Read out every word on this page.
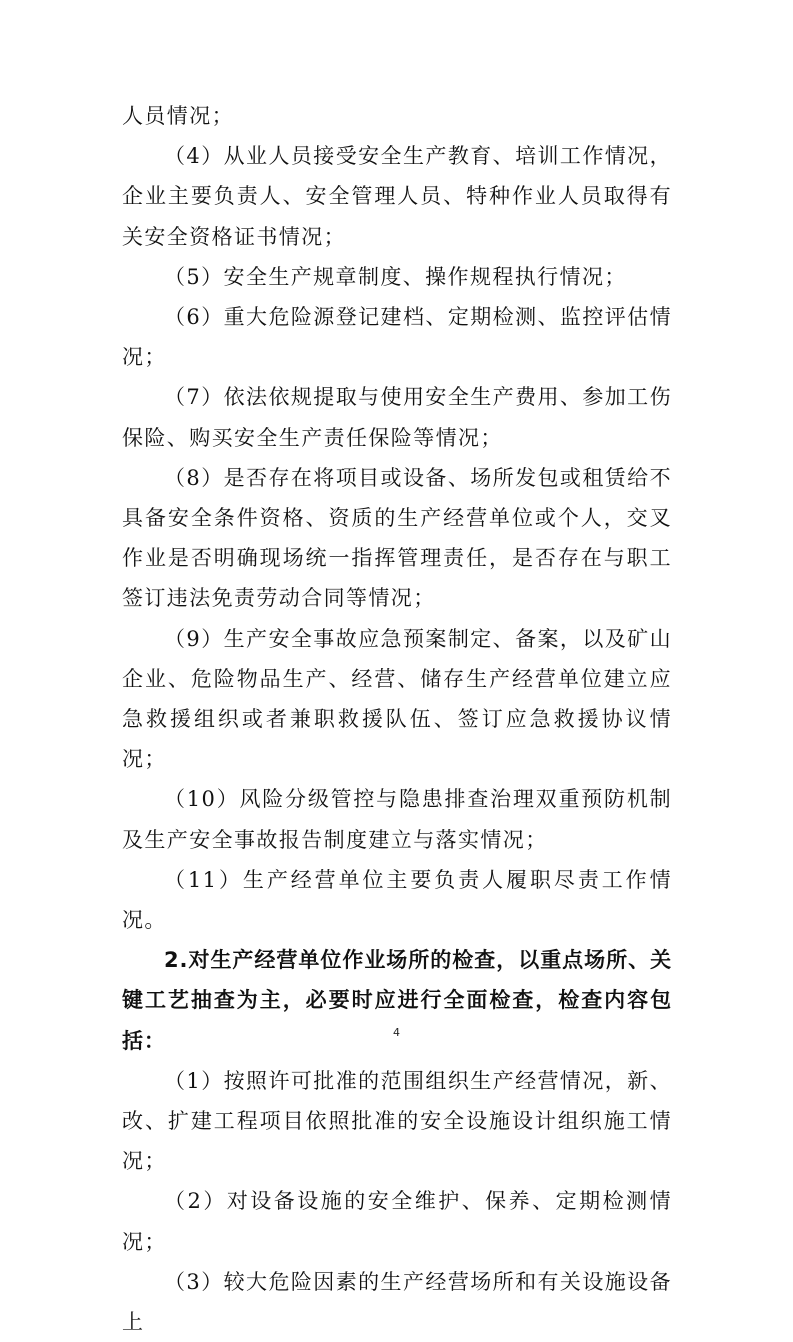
人员情况；

（4）从业人员接受安全生产教育、培训工作情况，企业主要负责人、安全管理人员、特种作业人员取得有关安全资格证书情况；

（5）安全生产规章制度、操作规程执行情况；

（6）重大危险源登记建档、定期检测、监控评估情况；

（7）依法依规提取与使用安全生产费用、参加工伤保险、购买安全生产责任保险等情况；

（8）是否存在将项目或设备、场所发包或租赁给不具备安全条件资格、资质的生产经营单位或个人，交叉作业是否明确现场统一指挥管理责任，是否存在与职工签订违法免责劳动合同等情况；

（9）生产安全事故应急预案制定、备案，以及矿山企业、危险物品生产、经营、储存生产经营单位建立应急救援组织或者兼职救援队伍、签订应急救援协议情况；

（10）风险分级管控与隐患排查治理双重预防机制及生产安全事故报告制度建立与落实情况；

（11）生产经营单位主要负责人履职尽责工作情况。

2.对生产经营单位作业场所的检查，以重点场所、关键工艺抽查为主，必要时应进行全面检查，检查内容包括：

（1）按照许可批准的范围组织生产经营情况，新、改、扩建工程项目依照批准的安全设施设计组织施工情况；

（2）对设备设施的安全维护、保养、定期检测情况；

（3）较大危险因素的生产经营场所和有关设施设备上

4
